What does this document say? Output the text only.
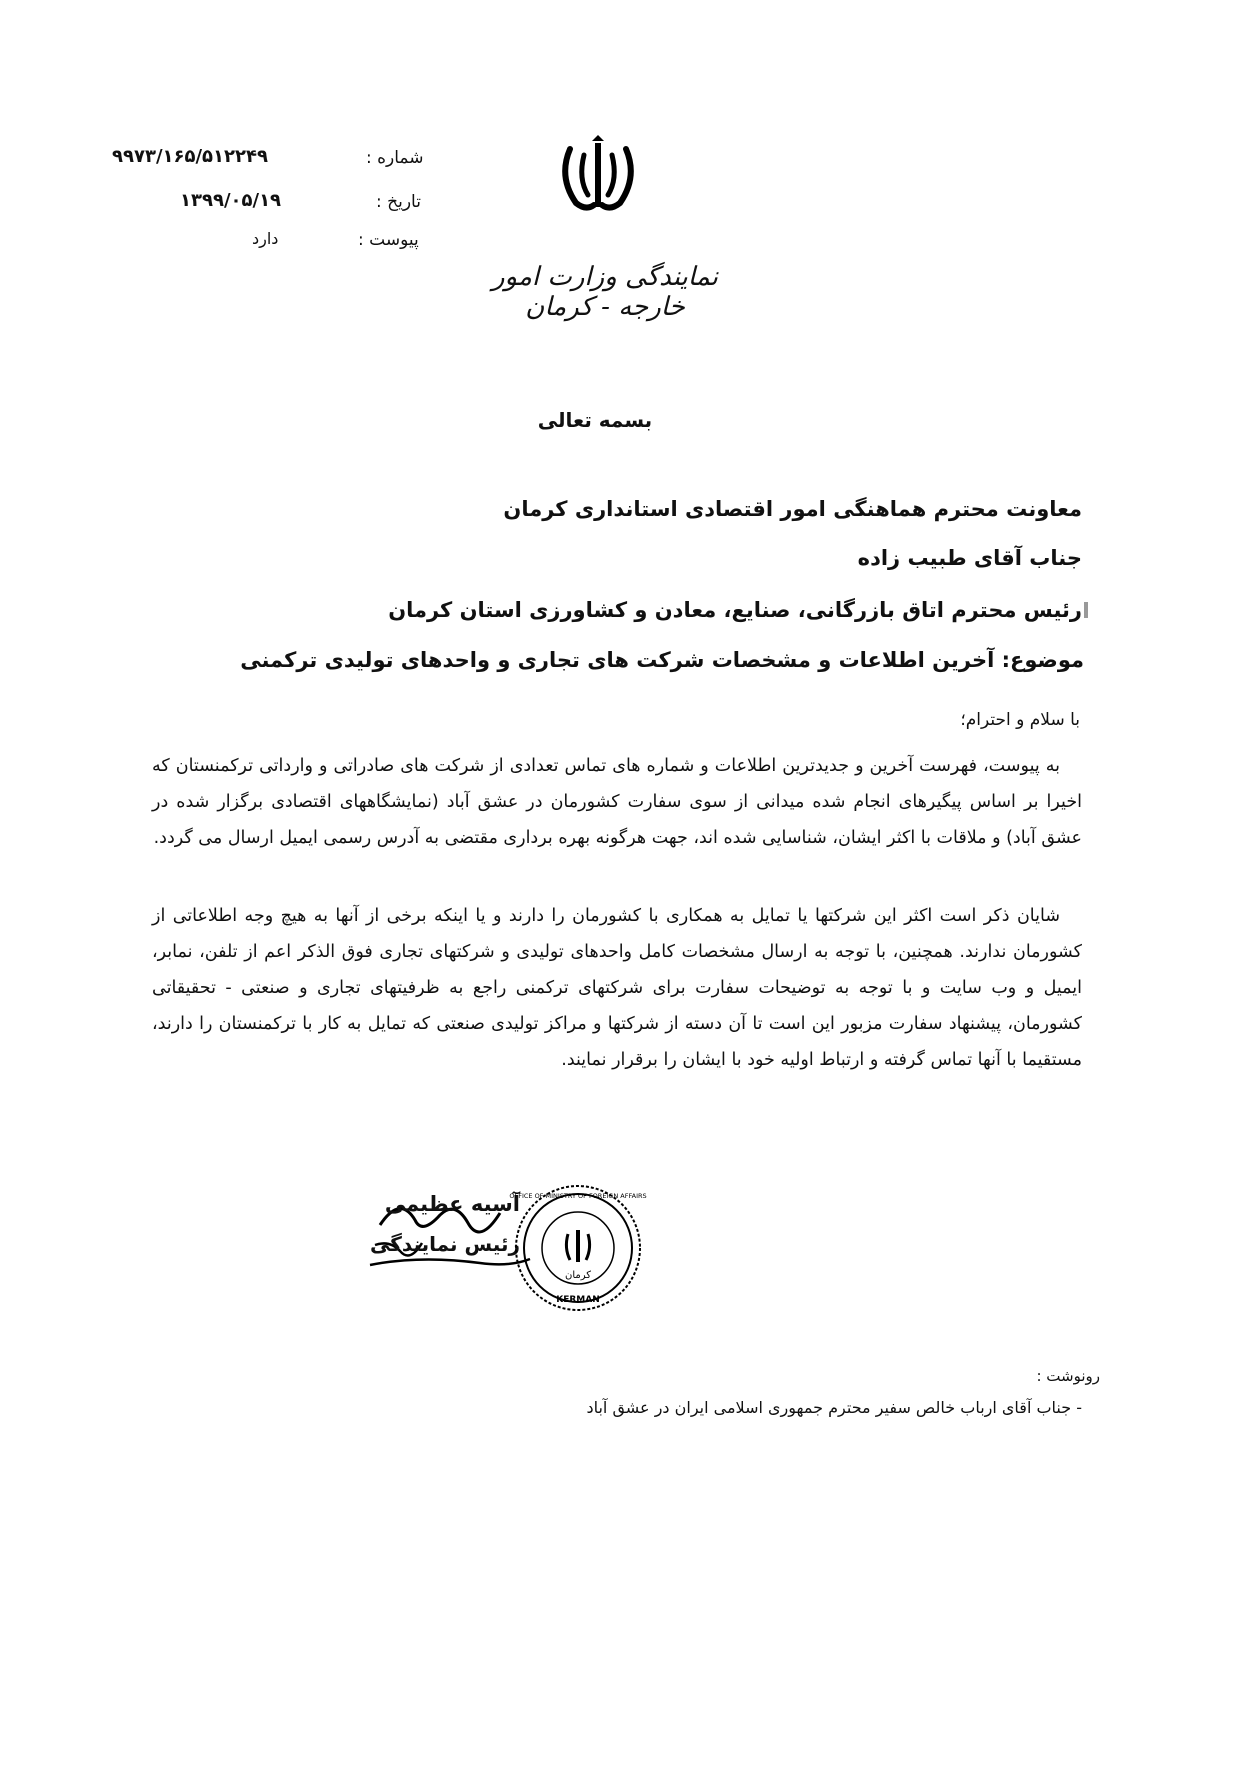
شماره :
۹۹۷۳/۱۶۵/۵۱۲۲۴۹
تاریخ :
۱۳۹۹/۰۵/۱۹
پیوست :
دارد
نمایندگی وزارت امور خارجه - کرمان
بسمه تعالی
معاونت محترم هماهنگی امور اقتصادی استانداری کرمان
جناب آقای طبیب زاده
رئیس محترم اتاق بازرگانی، صنایع، معادن و کشاورزی استان کرمان
موضوع: آخرین اطلاعات و مشخصات شرکت های تجاری و واحدهای تولیدی ترکمنی
با سلام و احترام؛
به پیوست، فهرست آخرین و جدیدترین اطلاعات و شماره های تماس تعدادی از شرکت های صادراتی و وارداتی ترکمنستان که اخیرا بر اساس پیگیرهای انجام شده میدانی از سوی سفارت کشورمان در عشق آباد (نمایشگاههای اقتصادی برگزار شده در عشق آباد) و ملاقات با اکثر ایشان، شناسایی شده اند، جهت هرگونه بهره برداری مقتضی به آدرس رسمی ایمیل ارسال می گردد.
شایان ذکر است اکثر این شرکتها یا تمایل به همکاری با کشورمان را دارند و یا اینکه برخی از آنها به هیچ وجه اطلاعاتی از کشورمان ندارند. همچنین، با توجه به ارسال مشخصات کامل واحدهای تولیدی و شرکتهای تجاری فوق الذکر اعم از تلفن، نمابر، ایمیل و وب سایت و با توجه به توضیحات سفارت برای شرکتهای ترکمنی راجع به ظرفیتهای تجاری و صنعتی - تحقیقاتی کشورمان، پیشنهاد سفارت مزبور این است تا آن دسته از شرکتها و مراکز تولیدی صنعتی که تمایل به کار با ترکمنستان را دارند، مستقیما با آنها تماس گرفته و ارتباط اولیه خود با ایشان را برقرار نمایند.
آسیه عظیمی
رئیس نمایندگی
KERMAN
کرمان
OFFICE OF MINISTRY OF FOREIGN AFFAIRS
رونوشت :
- جناب آقای ارباب خالص سفیر محترم جمهوری اسلامی ایران در عشق آباد
